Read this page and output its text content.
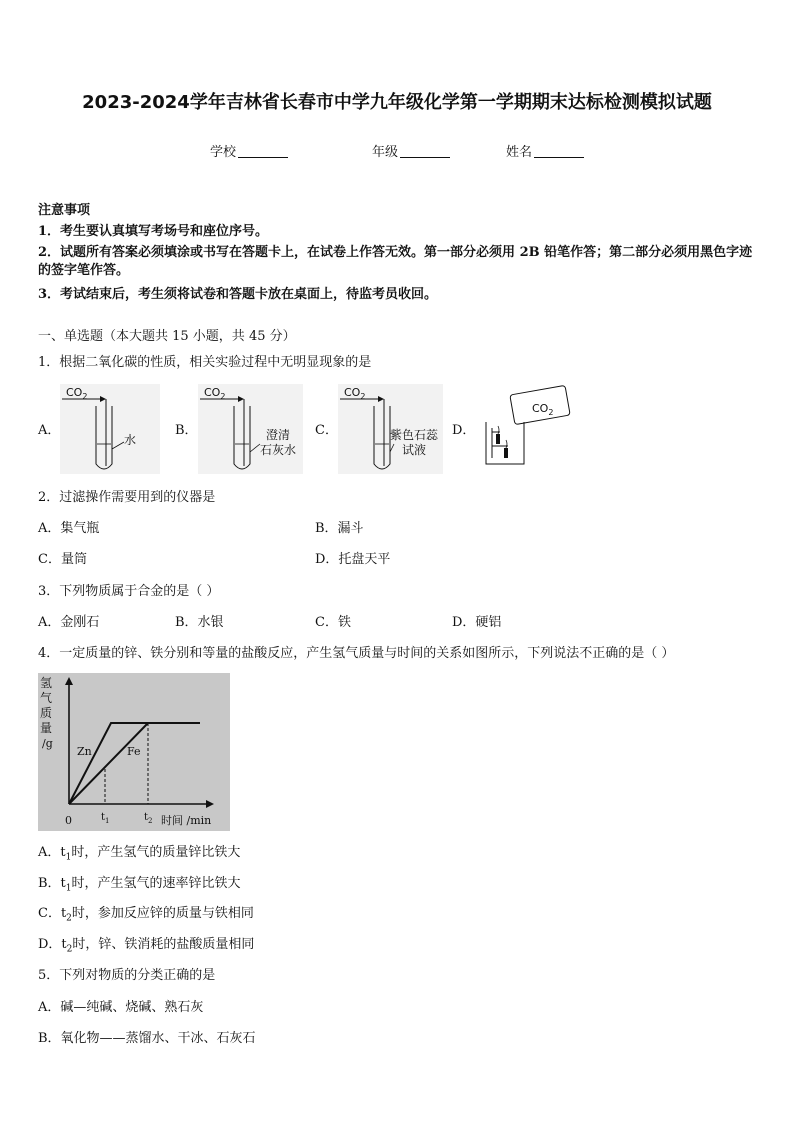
2023-2024学年吉林省长春市中学九年级化学第一学期期末达标检测模拟试题
学校	年级	姓名
注意事项
1．考生要认真填写考场号和座位序号。
2．试题所有答案必须填涂或书写在答题卡上，在试卷上作答无效。第一部分必须用 2B 铅笔作答；第二部分必须用黑色字迹的签字笔作答。
3．考试结束后，考生须将试卷和答题卡放在桌面上，待监考员收回。
一、单选题（本大题共 15 小题，共 45 分）
1．根据二氧化碳的性质，相关实验过程中无明显现象的是
A．	B．	C．	D．
$CO_2$
水
$CO_2$
澄清
石灰水
$CO_2$
紫色石蕊
试液
$CO_2$
2．过滤操作需要用到的仪器是
A．集气瓶	B．漏斗
C．量筒	D．托盘天平
3．下列物质属于合金的是（ ）
A．金刚石	B．水银	C．铁	D．硬铝
4．一定质量的锌、铁分别和等量的盐酸反应，产生氢气质量与时间的关系如图所示，下列说法不正确的是（ ）
氢
气
质
量
/g
Zn	Fe
0	$t_1$	$t_2$ 时间 /min
A．$t_1$时，产生氢气的质量锌比铁大
B．$t_1$时，产生氢气的速率锌比铁大
C．$t_2$时，参加反应锌的质量与铁相同
D．$t_2$时，锌、铁消耗的盐酸质量相同
5．下列对物质的分类正确的是
A．碱—纯碱、烧碱、熟石灰
B．氧化物——蒸馏水、干冰、石灰石
